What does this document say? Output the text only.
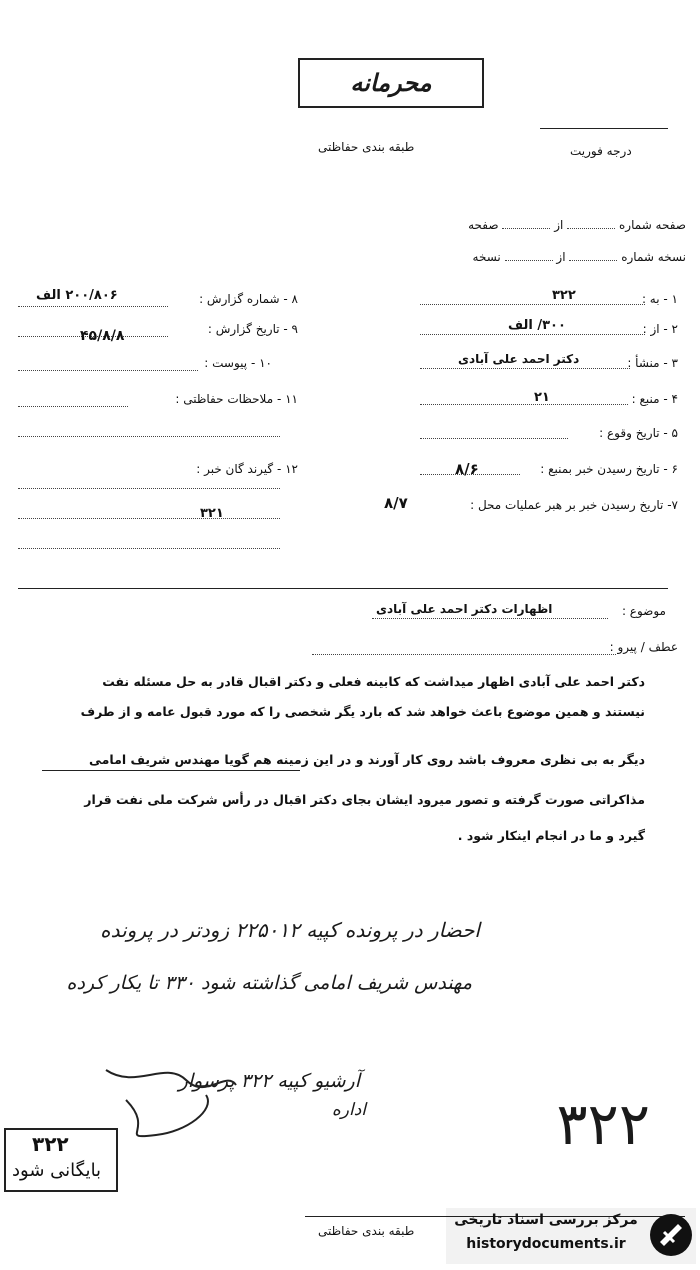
محرمانه
طبقه بندی حفاظتی	درجه فوریت
صفحه شماره  از  صفحه
نسخه شماره  از  نسخه
۸ - شماره گزارش :
۲۰۰/۸۰۶ الف
۹ - تاریخ گزارش :
۴۵/۸/۸
۱۰ - پیوست :
۱۱ - ملاحظات حفاظتی :
۱۲ - گیرند گان خبر :
۳۲۱
۱ - به :
۳۲۲
۲ - از :
۳۰۰/ الف
۳ - منشأ :
دکتر احمد علی آبادی
۴ - منبع :
۲۱
۵ - تاریخ وقوع :
۶ - تاریخ رسیدن خبر بمنبع :
۸/۶
۷- تاریخ رسیدن خبر بر هبر عملیات محل :
۸/۷
موضوع :
اظهارات دکتر احمد علی آبادی
عطف / پیرو :
دکتر احمد علی آبادی اظهار میداشت که کابینه فعلی و دکتر اقبال قادر به حل مسئله نفت
نیستند و همین موضوع باعث خواهد شد که بارد یگر شخصی را که مورد قبول عامه و از طرف
دیگر به بی نظری معروف باشد روی کار آورند و در این زمینه هم گویا مهندس شریف امامی
مذاکراتی صورت گرفته و تصور میرود ایشان بجای دکتر اقبال در رأس شرکت ملی نفت قرار
گیرد و ما در انجام اینکار شود .
احضار در پرونده کپیه ۲۲۵۰۱۲ زودتر در پرونده
مهندس شریف امامی گذاشته شود ۳۳۰ تا یکار کرده
آرشیو کپیه ۳۲۲ پرسوار
اداره	۳۲۲
۳۲۲
بایگانی شود
طبقه بندی حفاظتی
مرکز بررسی اسناد تاریخی
historydocuments.ir
